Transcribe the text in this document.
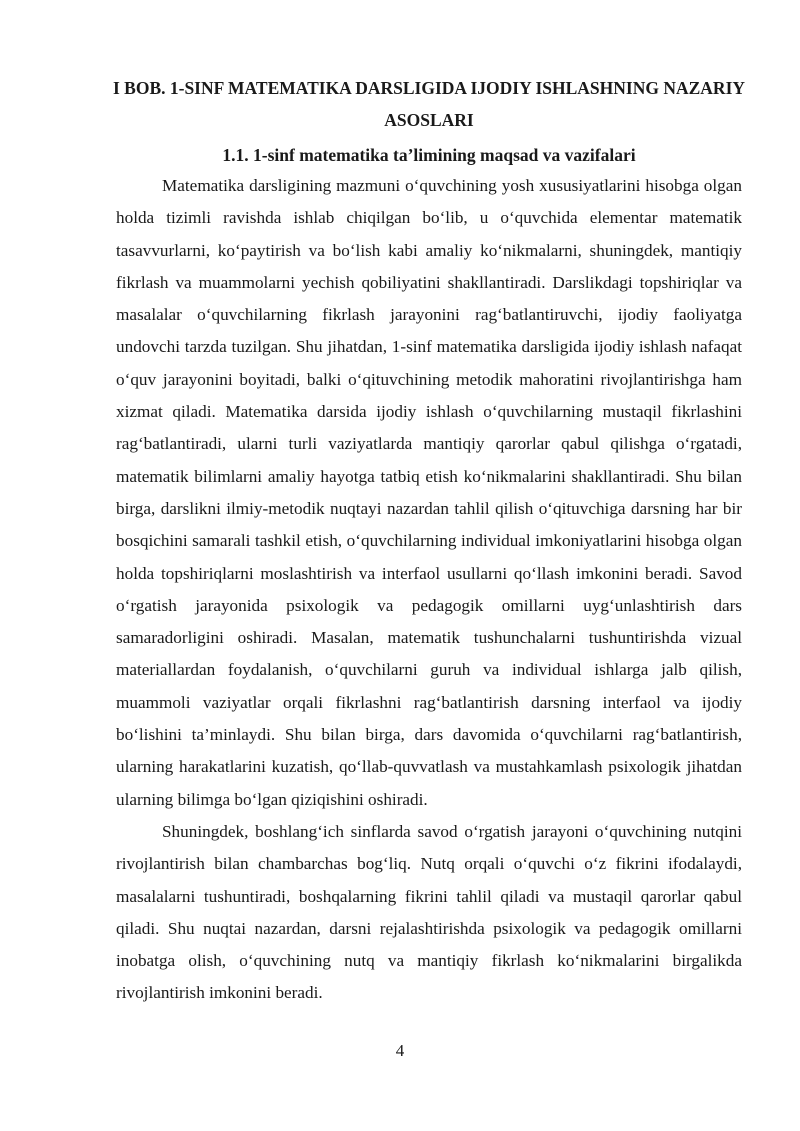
I BOB. 1-SINF MATEMATIKA DARSLIGIDA IJODIY ISHLASHNING NAZARIY ASOSLARI
1.1. 1-sinf matematika ta’limining maqsad va vazifalari

Matematika darsligining mazmuni o‘quvchining yosh xususiyatlarini hisobga olgan holda tizimli ravishda ishlab chiqilgan bo‘lib, u o‘quvchida elementar matematik tasavvurlarni, ko‘paytirish va bo‘lish kabi amaliy ko‘nikmalarni, shuningdek, mantiqiy fikrlash va muammolarni yechish qobiliyatini shakllantiradi. Darslikdagi topshiriqlar va masalalar o‘quvchilarning fikrlash jarayonini rag‘batlantiruvchi, ijodiy faoliyatga undovchi tarzda tuzilgan. Shu jihatdan, 1-sinf matematika darsligida ijodiy ishlash nafaqat o‘quv jarayonini boyitadi, balki o‘qituvchining metodik mahoratini rivojlantirishga ham xizmat qiladi. Matematika darsida ijodiy ishlash o‘quvchilarning mustaqil fikrlashini rag‘batlantiradi, ularni turli vaziyatlarda mantiqiy qarorlar qabul qilishga o‘rgatadi, matematik bilimlarni amaliy hayotga tatbiq etish ko‘nikmalarini shakllantiradi. Shu bilan birga, darslikni ilmiy-metodik nuqtayi nazardan tahlil qilish o‘qituvchiga darsning har bir bosqichini samarali tashkil etish, o‘quvchilarning individual imkoniyatlarini hisobga olgan holda topshiriqlarni moslashtirish va interfaol usullarni qo‘llash imkonini beradi. Savod o‘rgatish jarayonida psixologik va pedagogik omillarni uyg‘unlashtirish dars samaradorligini oshiradi. Masalan, matematik tushunchalarni tushuntirishda vizual materiallardan foydalanish, o‘quvchilarni guruh va individual ishlarga jalb qilish, muammoli vaziyatlar orqali fikrlashni rag‘batlantirish darsning interfaol va ijodiy bo‘lishini ta’minlaydi. Shu bilan birga, dars davomida o‘quvchilarni rag‘batlantirish, ularning harakatlarini kuzatish, qo‘llab-quvvatlash va mustahkamlash psixologik jihatdan ularning bilimga bo‘lgan qiziqishini oshiradi.

Shuningdek, boshlang‘ich sinflarda savod o‘rgatish jarayoni o‘quvchining nutqini rivojlantirish bilan chambarchas bog‘liq. Nutq orqali o‘quvchi o‘z fikrini ifodalaydi, masalalarni tushuntiradi, boshqalarning fikrini tahlil qiladi va mustaqil qarorlar qabul qiladi. Shu nuqtai nazardan, darsni rejalashtirishda psixologik va pedagogik omillarni inobatga olish, o‘quvchining nutq va mantiqiy fikrlash ko‘nikmalarini birgalikda rivojlantirish imkonini beradi.

4
